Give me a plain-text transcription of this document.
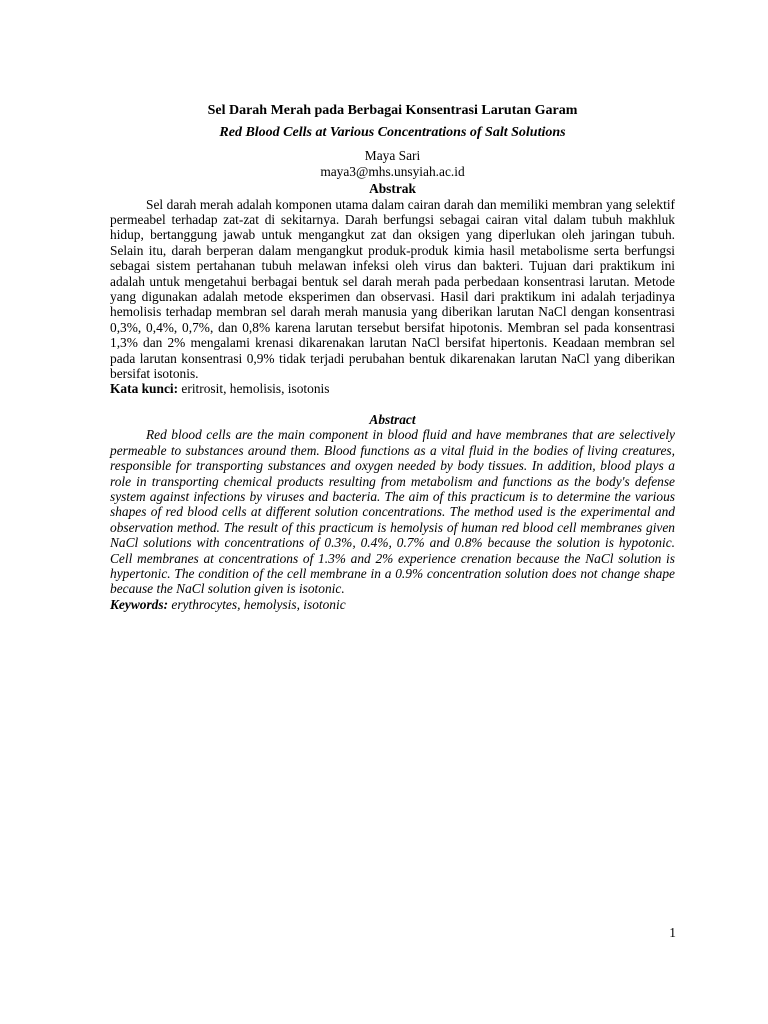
Sel Darah Merah pada Berbagai Konsentrasi Larutan Garam

Red Blood Cells at Various Concentrations of Salt Solutions

Maya Sari

maya3@mhs.unsyiah.ac.id

Abstrak

Sel darah merah adalah komponen utama dalam cairan darah dan memiliki membran yang selektif permeabel terhadap zat-zat di sekitarnya. Darah berfungsi sebagai cairan vital dalam tubuh makhluk hidup, bertanggung jawab untuk mengangkut zat dan oksigen yang diperlukan oleh jaringan tubuh. Selain itu, darah berperan dalam mengangkut produk-produk kimia hasil metabolisme serta berfungsi sebagai sistem pertahanan tubuh melawan infeksi oleh virus dan bakteri. Tujuan dari praktikum ini adalah untuk mengetahui berbagai bentuk sel darah merah pada perbedaan konsentrasi larutan. Metode yang digunakan adalah metode eksperimen dan observasi. Hasil dari praktikum ini adalah terjadinya hemolisis terhadap membran sel darah merah manusia yang diberikan larutan NaCl dengan konsentrasi 0,3%, 0,4%, 0,7%, dan 0,8% karena larutan tersebut bersifat hipotonis. Membran sel pada konsentrasi 1,3% dan 2% mengalami krenasi dikarenakan larutan NaCl bersifat hipertonis. Keadaan membran sel pada larutan konsentrasi 0,9% tidak terjadi perubahan bentuk dikarenakan larutan NaCl yang diberikan bersifat isotonis.

Kata kunci: eritrosit, hemolisis, isotonis

Abstract

Red blood cells are the main component in blood fluid and have membranes that are selectively permeable to substances around them. Blood functions as a vital fluid in the bodies of living creatures, responsible for transporting substances and oxygen needed by body tissues. In addition, blood plays a role in transporting chemical products resulting from metabolism and functions as the body's defense system against infections by viruses and bacteria. The aim of this practicum is to determine the various shapes of red blood cells at different solution concentrations. The method used is the experimental and observation method. The result of this practicum is hemolysis of human red blood cell membranes given NaCl solutions with concentrations of 0.3%, 0.4%, 0.7% and 0.8% because the solution is hypotonic. Cell membranes at concentrations of 1.3% and 2% experience crenation because the NaCl solution is hypertonic. The condition of the cell membrane in a 0.9% concentration solution does not change shape because the NaCl solution given is isotonic.

Keywords: erythrocytes, hemolysis, isotonic

1
